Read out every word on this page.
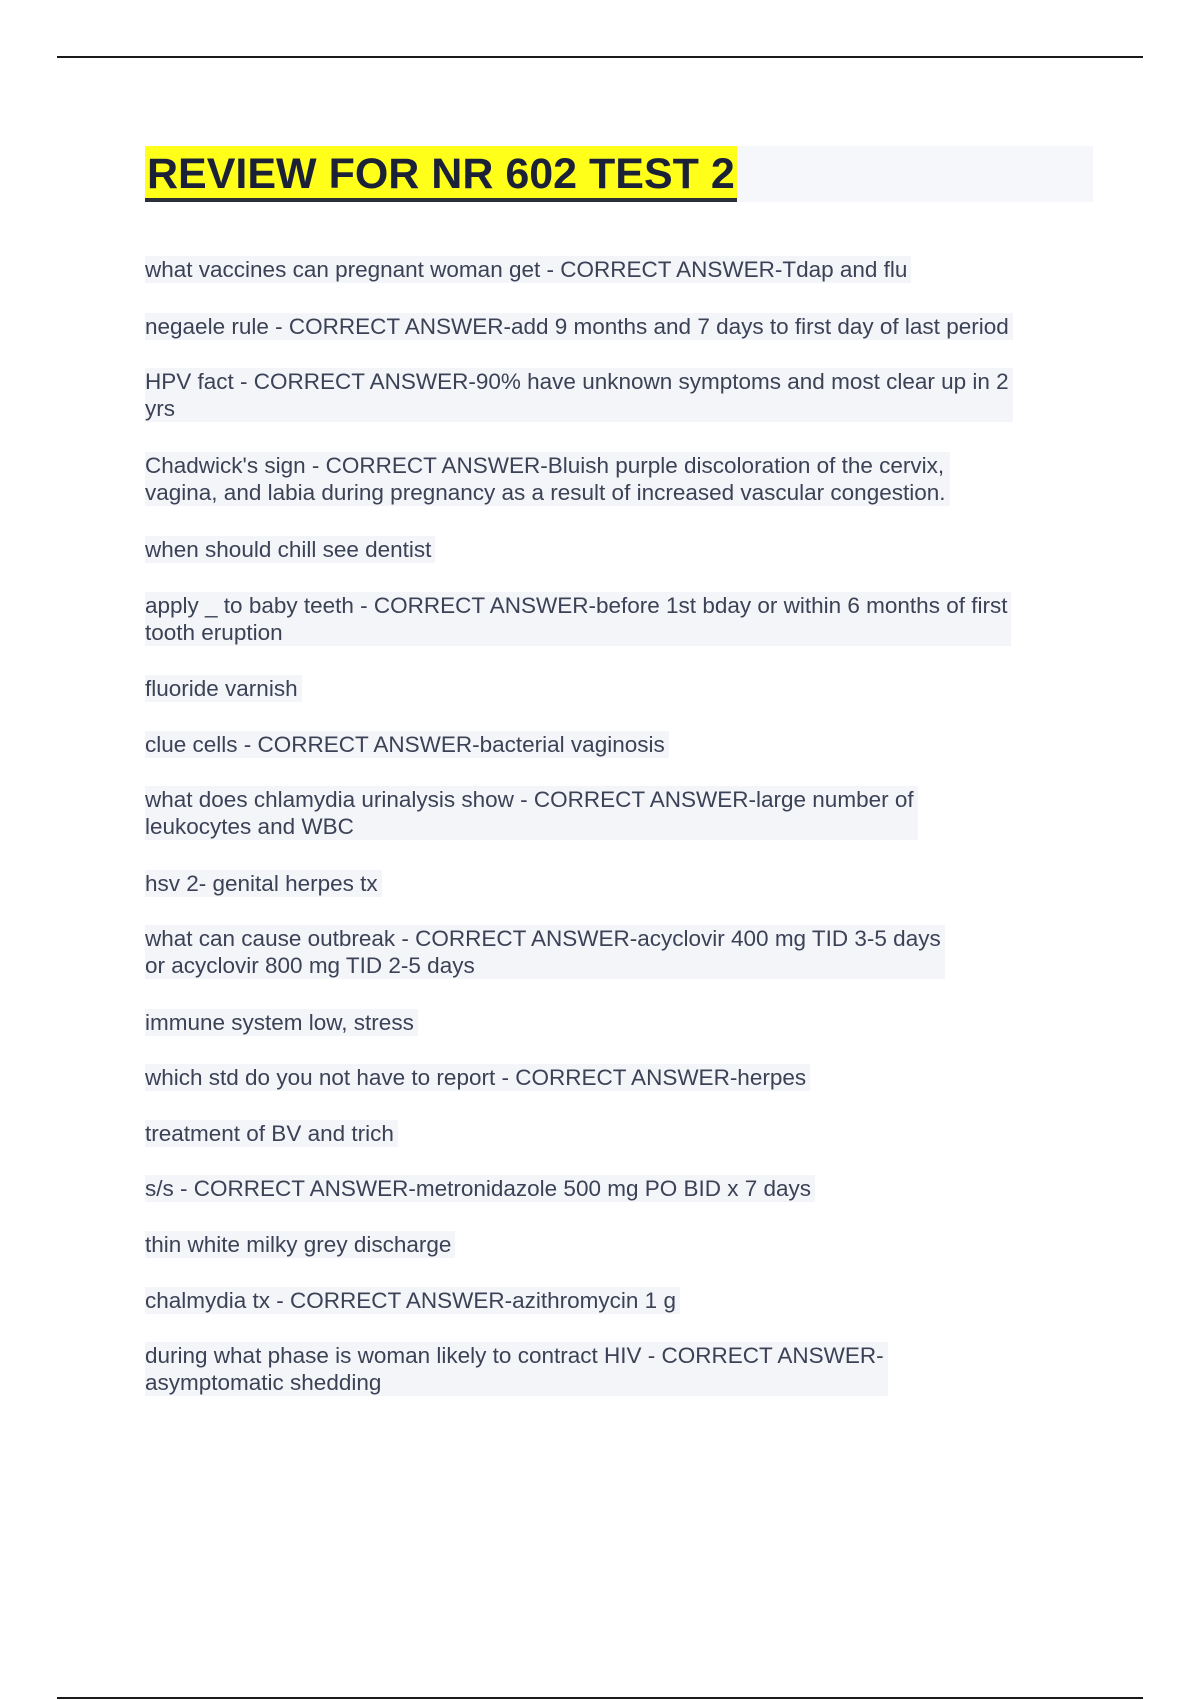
REVIEW FOR NR 602 TEST 2

what vaccines can pregnant woman get - CORRECT ANSWER-Tdap and flu

negaele rule - CORRECT ANSWER-add 9 months and 7 days to first day of last period

HPV fact - CORRECT ANSWER-90% have unknown symptoms and most clear up in 2
yrs

Chadwick's sign - CORRECT ANSWER-Bluish purple discoloration of the cervix,
vagina, and labia during pregnancy as a result of increased vascular congestion.

when should chill see dentist

apply _ to baby teeth - CORRECT ANSWER-before 1st bday or within 6 months of first
tooth eruption

fluoride varnish

clue cells - CORRECT ANSWER-bacterial vaginosis

what does chlamydia urinalysis show - CORRECT ANSWER-large number of
leukocytes and WBC

hsv 2- genital herpes tx

what can cause outbreak - CORRECT ANSWER-acyclovir 400 mg TID 3-5 days
or acyclovir 800 mg TID 2-5 days

immune system low, stress

which std do you not have to report - CORRECT ANSWER-herpes

treatment of BV and trich

s/s - CORRECT ANSWER-metronidazole 500 mg PO BID x 7 days

thin white milky grey discharge

chalmydia tx - CORRECT ANSWER-azithromycin 1 g

during what phase is woman likely to contract HIV - CORRECT ANSWER-
asymptomatic shedding
